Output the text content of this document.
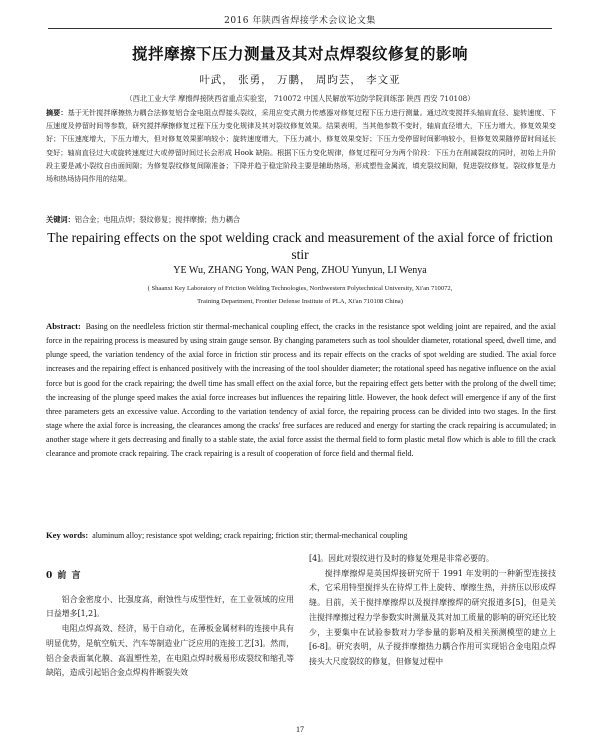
2016 年陕西省焊接学术会议论文集
搅拌摩擦下压力测量及其对点焊裂纹修复的影响
叶武， 张勇， 万鹏， 周昀芸， 李文亚
（西北工业大学 摩擦焊接陕西省重点实验室， 710072 中国人民解放军边防学院训练部 陕西 西安 710108）
摘要：基于无针搅拌摩擦热力耦合法修复铝合金电阻点焊接头裂纹，采用应变式测力传感器对修复过程下压力进行测量。通过改变搅拌头轴肩直径、旋转速度、下压速度及停留时间等参数，研究搅拌摩擦修复过程下压力变化规律及其对裂纹修复效果。结果表明，当其他参数不变时，轴肩直径增大，下压力增大，修复效果变好；下压速度增大，下压力增大，但对修复效果影响较小；旋转速度增大，下压力减小，修复效果变好；下压力受停留时间影响较小，但修复效果随停留时间延长变好；轴肩直径过大或旋转速度过大或停留时间过长会形成 Hook 缺陷。根据下压力变化规律，修复过程可分为两个阶段：下压力在削减裂纹的同时，初始上升阶段主要是减小裂纹自由面间隙；为修复裂纹修复间隙准备；下降并趋于稳定阶段主要是辅助热场，形成塑性金属流，填充裂纹间隙，促进裂纹修复。裂纹修复是力场和热场协同作用的结果。
关键词：铝合金；电阻点焊；裂纹修复；搅拌摩擦；热力耦合
The repairing effects on the spot welding crack and measurement of the axial force of friction stir
YE Wu, ZHANG Yong, WAN Peng, ZHOU Yunyun, LI Wenya
( Shaanxi Key Laboratory of Friction Welding Technologies, Northwestern Polytechnical University, Xi'an 710072,
Training Department, Frontier Defense Institute of PLA, Xi'an 710108 China)
Abstract: Basing on the needleless friction stir thermal-mechanical coupling effect, the cracks in the resistance spot welding joint are repaired, and the axial force in the repairing process is measured by using strain gauge sensor. By changing parameters such as tool shoulder diameter, rotational speed, dwell time, and plunge speed, the variation tendency of the axial force in friction stir process and its repair effects on the cracks of spot welding are studied. The axial force increases and the repairing effect is enhanced positively with the increasing of the tool shoulder diameter; the rotational speed has negative influence on the axial force but is good for the crack repairing; the dwell time has small effect on the axial force, but the repairing effect gets better with the prolong of the dwell time; the increasing of the plunge speed makes the axial force increases but influences the repairing little. However, the hook defect will emergence if any of the first three parameters gets an excessive value. According to the variation tendency of axial force, the repairing process can be divided into two stages. In the first stage where the axial force is increasing, the clearances among the cracks' free surfaces are reduced and energy for starting the crack repairing is accumulated; in another stage where it gets decreasing and finally to a stable state, the axial force assist the thermal field to form plastic metal flow which is able to fill the crack clearance and promote crack repairing. The crack repairing is a result of cooperation of force field and thermal field.
Key words: aluminum alloy; resistance spot welding; crack repairing; friction stir; thermal-mechanical coupling
0 前 言

铝合金密度小、比强度高，耐蚀性与成型性好，在工业领域的应用日益增多[1,2]。

电阻点焊高效、经济，易于自动化，在薄板金属材料的连接中具有明显优势，是航空航天、汽车等制造业广泛应用的连接工艺[3]。然而，铝合金表面氧化膜、高温塑性差，在电阻点焊时极易形成裂纹和缩孔等缺陷，造成引起铝合金点焊构件断裂失效

[4]。因此对裂纹进行及时的修复处理是非常必要的。

搅拌摩擦焊是英国焊接研究所于 1991 年发明的一种新型连接技术，它采用特型搅拌头在待焊工件上旋转、摩擦生热，并挤压以形成焊缝。目前，关于搅拌摩擦焊以及搅拌摩擦焊的研究报道多[5]，但是关注搅拌摩擦过程力学参数实时测量及其对加工质量的影响的研究还比较少，主要集中在试验参数对力学参量的影响及相关预测模型的建立上[6-8]。研究表明，从子搅拌摩擦热力耦合作用可实现铝合金电阻点焊接头大尺度裂纹的修复，但修复过程中

17
